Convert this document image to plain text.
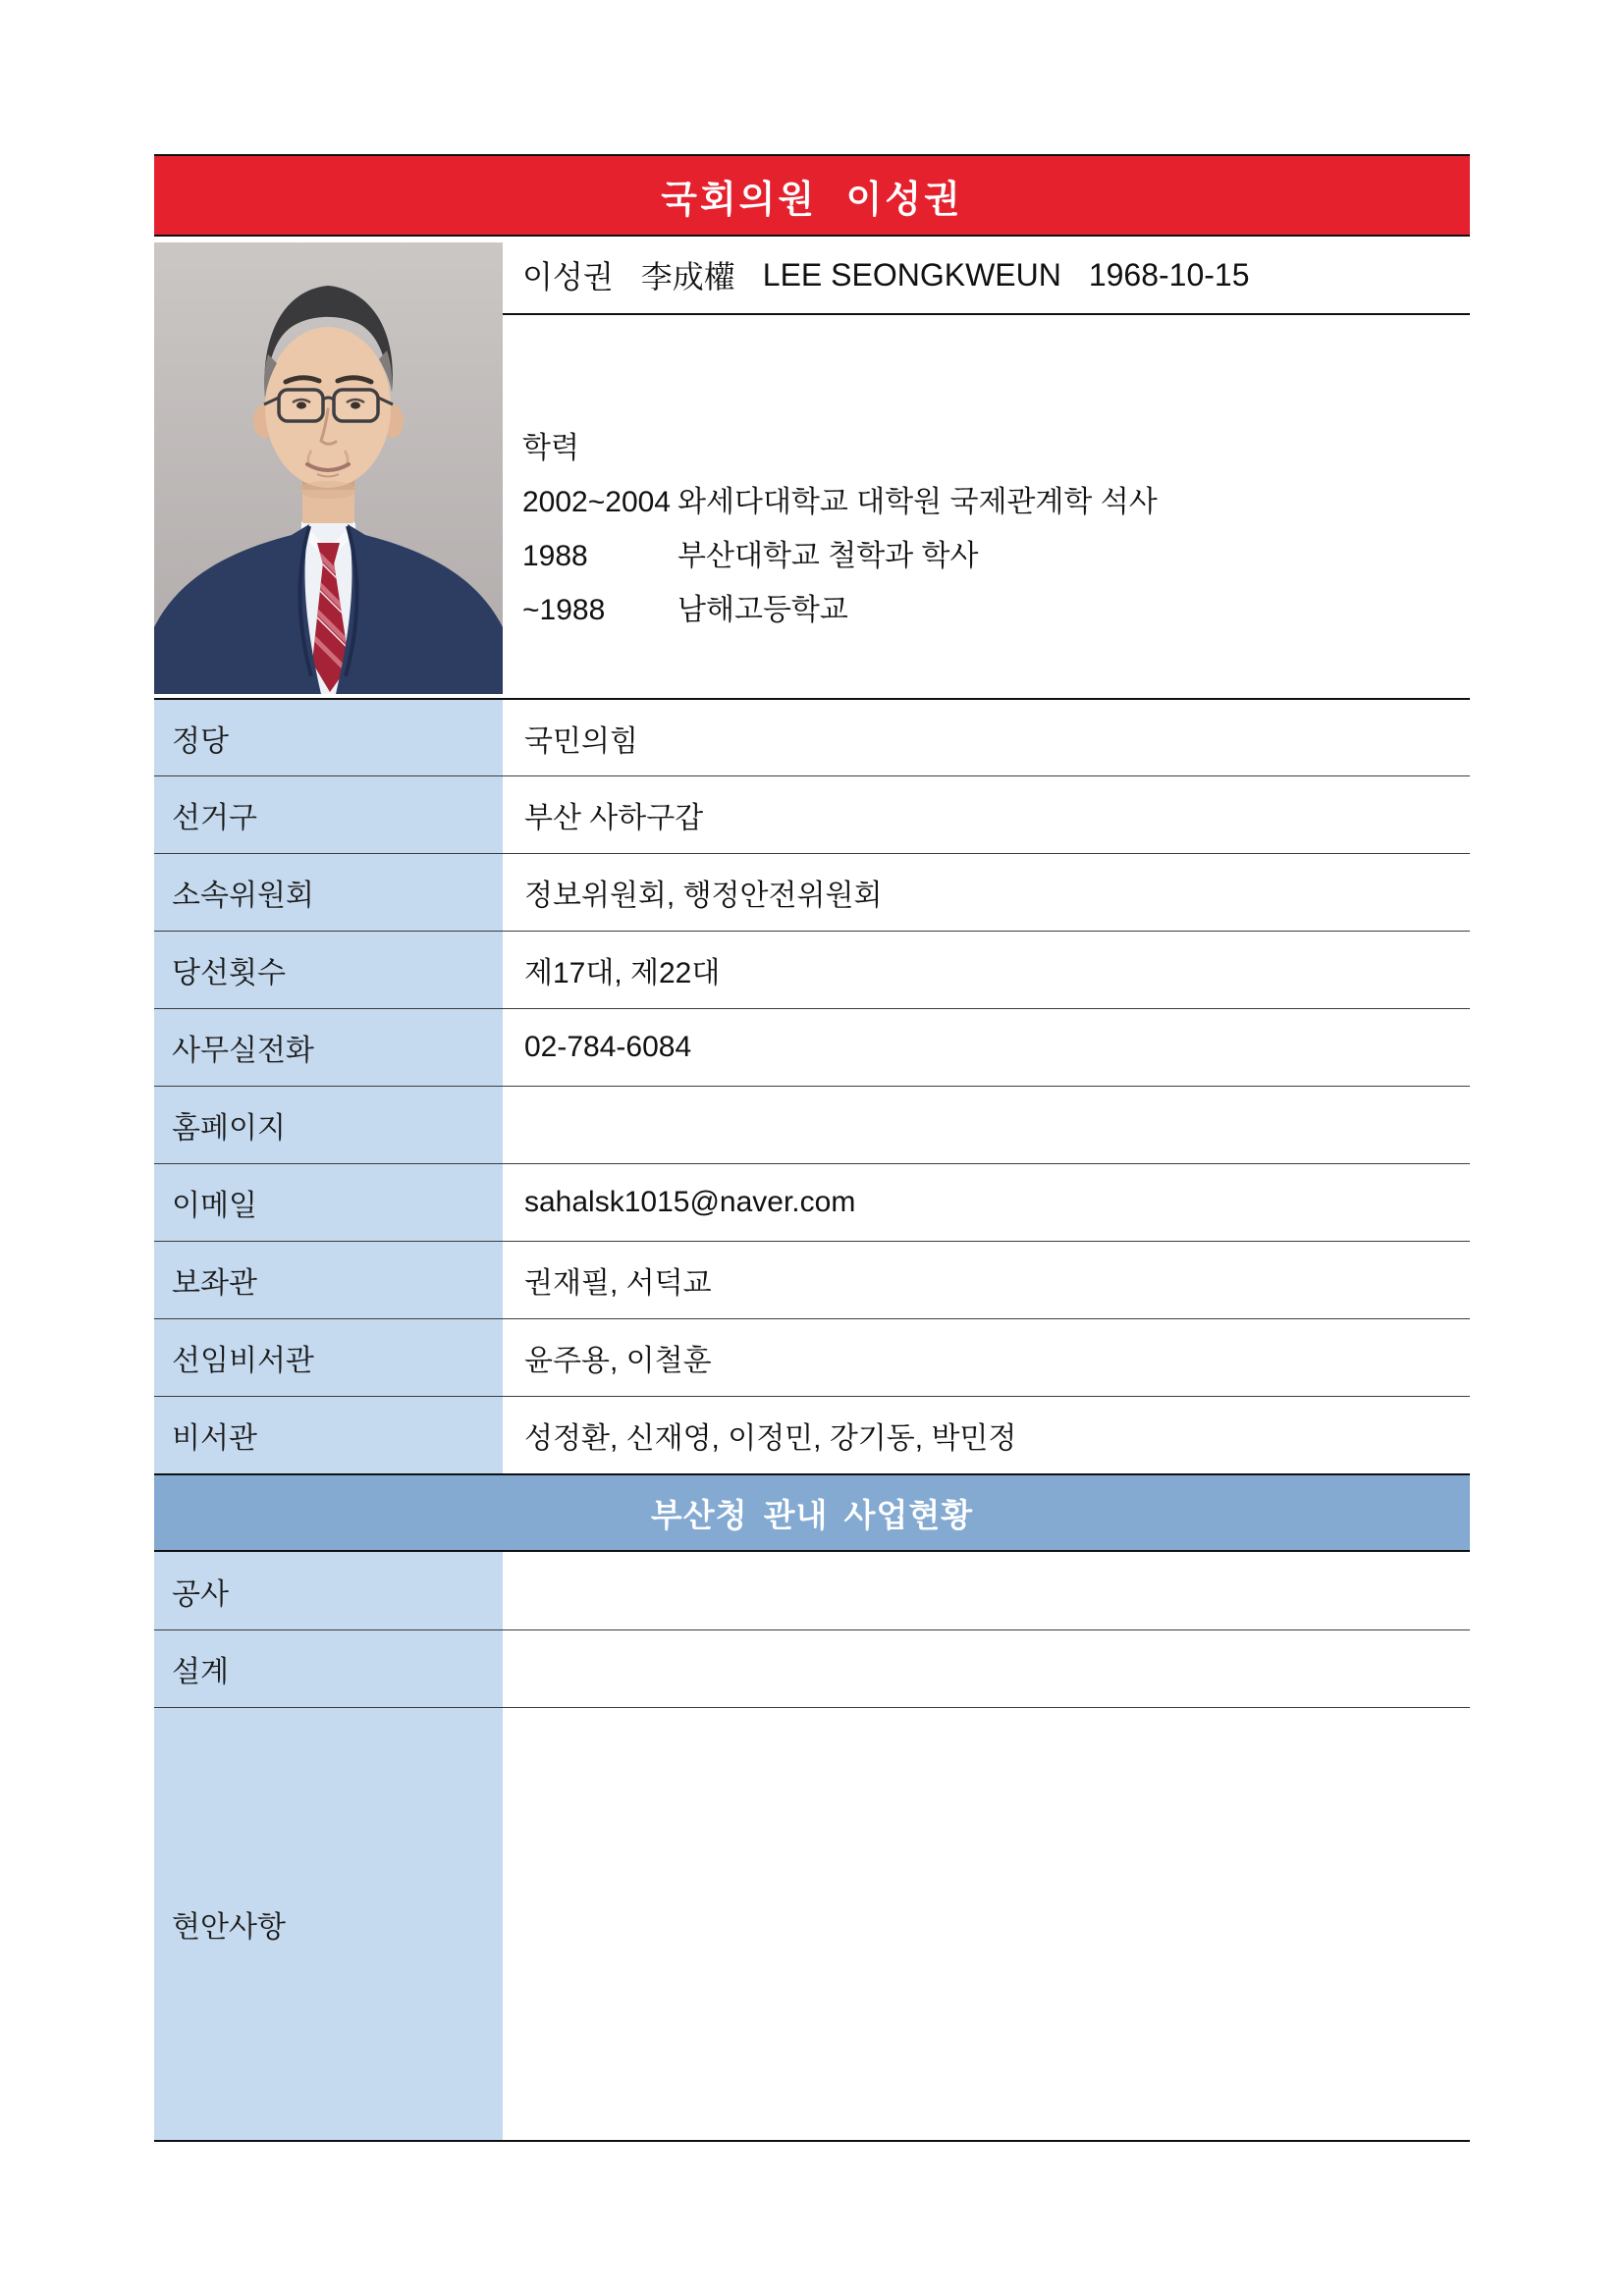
국회의원 이성권
이성권 李成權 LEE SEONGKWEUN 1968-10-15
학력
2002~2004 와세다대학교 대학원 국제관계학 석사
1988	부산대학교 철학과 학사
~1988	남해고등학교
정당	국민의힘
선거구	부산 사하구갑
소속위원회	정보위원회, 행정안전위원회
당선횟수	제17대, 제22대
사무실전화	02-784-6084
홈페이지
이메일	sahalsk1015@naver.com
보좌관	권재필, 서덕교
선임비서관	윤주용, 이철훈
비서관	성정환, 신재영, 이정민, 강기동, 박민정
부산청 관내 사업현황
공사
설계
현안사항
